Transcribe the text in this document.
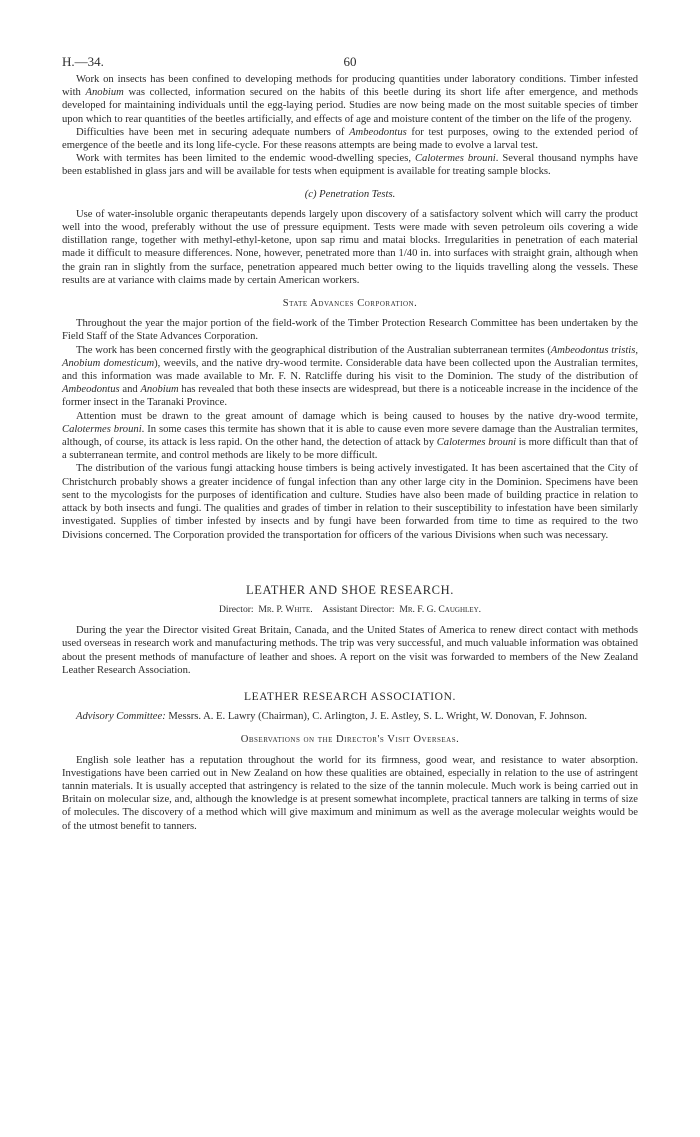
H.—34.	60

Work on insects has been confined to developing methods for producing quantities under laboratory conditions. Timber infested with Anobium was collected, information secured on the habits of this beetle during its short life after emergence, and methods developed for maintaining individuals until the egg-laying period. Studies are now being made on the most suitable species of timber upon which to rear quantities of the beetles artificially, and effects of age and moisture content of the timber on the life of the progeny.

Difficulties have been met in securing adequate numbers of Ambeodontus for test purposes, owing to the extended period of emergence of the beetle and its long life-cycle. For these reasons attempts are being made to evolve a larval test.

Work with termites has been limited to the endemic wood-dwelling species, Calotermes brouni. Several thousand nymphs have been established in glass jars and will be available for tests when equipment is available for treating sample blocks.

(c) Penetration Tests.

Use of water-insoluble organic therapeutants depends largely upon discovery of a satisfactory solvent which will carry the product well into the wood, preferably without the use of pressure equipment. Tests were made with seven petroleum oils covering a wide distillation range, together with methyl-ethyl-ketone, upon sap rimu and matai blocks. Irregularities in penetration of each material made it difficult to measure differences. None, however, penetrated more than 1/40 in. into surfaces with straight grain, although when the grain ran in slightly from the surface, penetration appeared much better owing to the liquids travelling along the vessels. These results are at variance with claims made by certain American workers.

State Advances Corporation.

Throughout the year the major portion of the field-work of the Timber Protection Research Committee has been undertaken by the Field Staff of the State Advances Corporation.

The work has been concerned firstly with the geographical distribution of the Australian subterranean termites (Ambeodontus tristis, Anobium domesticum), weevils, and the native dry-wood termite. Considerable data have been collected upon the Australian termites, and this information was made available to Mr. F. N. Ratcliffe during his visit to the Dominion. The study of the distribution of Ambeodontus and Anobium has revealed that both these insects are widespread, but there is a noticeable increase in the incidence of the former insect in the Taranaki Province.

Attention must be drawn to the great amount of damage which is being caused to houses by the native dry-wood termite, Calotermes brouni. In some cases this termite has shown that it is able to cause even more severe damage than the Australian termites, although, of course, its attack is less rapid. On the other hand, the detection of attack by Calotermes brouni is more difficult than that of a subterranean termite, and control methods are likely to be more difficult.

The distribution of the various fungi attacking house timbers is being actively investigated. It has been ascertained that the City of Christchurch probably shows a greater incidence of fungal infection than any other large city in the Dominion. Specimens have been sent to the mycologists for the purposes of identification and culture. Studies have also been made of building practice in relation to attack by both insects and fungi. The qualities and grades of timber in relation to their susceptibility to infestation have been similarly investigated. Supplies of timber infested by insects and by fungi have been forwarded from time to time as required to the two Divisions concerned. The Corporation provided the transportation for officers of the various Divisions when such was necessary.

LEATHER AND SHOE RESEARCH.
Director: Mr. P. White. Assistant Director: Mr. F. G. Caughley.

During the year the Director visited Great Britain, Canada, and the United States of America to renew direct contact with methods used overseas in research work and manufacturing methods. The trip was very successful, and much valuable information was obtained about the present methods of manufacture of leather and shoes. A report on the visit was forwarded to members of the New Zealand Leather Research Association.

LEATHER RESEARCH ASSOCIATION.

Advisory Committee: Messrs. A. E. Lawry (Chairman), C. Arlington, J. E. Astley, S. L. Wright, W. Donovan, F. Johnson.

Observations on the Director's Visit Overseas.

English sole leather has a reputation throughout the world for its firmness, good wear, and resistance to water absorption. Investigations have been carried out in New Zealand on how these qualities are obtained, especially in relation to the use of astringent tannin materials. It is usually accepted that astringency is related to the size of the tannin molecule. Much work is being carried out in Britain on molecular size, and, although the knowledge is at present somewhat incomplete, practical tanners are talking in terms of size of molecules. The discovery of a method which will give maximum and minimum as well as the average molecular weights would be of the utmost benefit to tanners.
